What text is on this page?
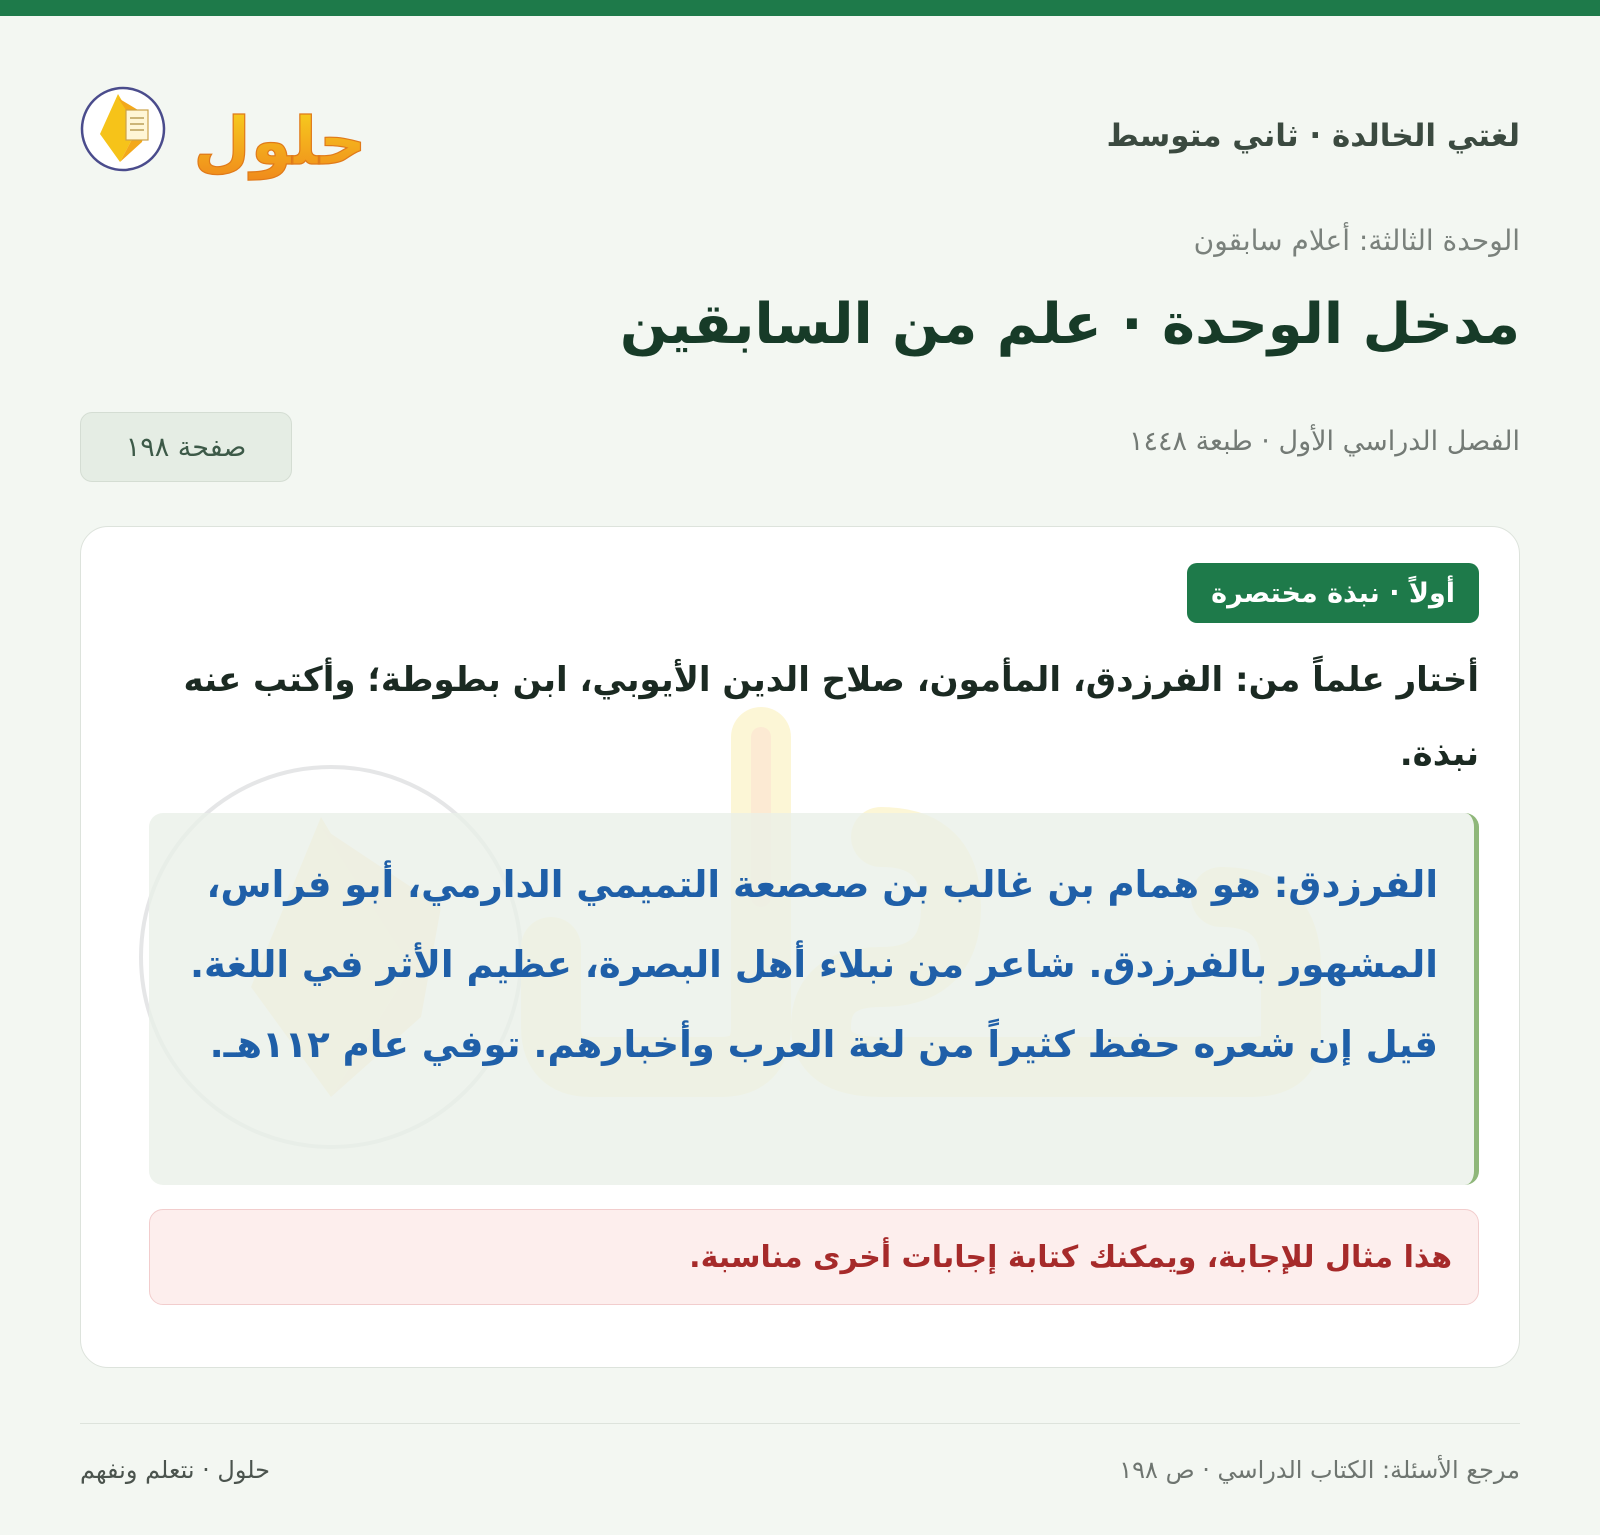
لغتي الخالدة · ثاني متوسط
حلول
الوحدة الثالثة: أعلام سابقون
مدخل الوحدة · علم من السابقين
الفصل الدراسي الأول · طبعة ١٤٤٨
صفحة ١٩٨
أولاً · نبذة مختصرة
أختار علماً من: الفرزدق، المأمون، صلاح الدين الأيوبي، ابن بطوطة؛ وأكتب عنه نبذة.
الفرزدق: هو همام بن غالب بن صعصعة التميمي الدارمي، أبو فراس، المشهور بالفرزدق. شاعر من نبلاء أهل البصرة، عظيم الأثر في اللغة. قيل إن شعره حفظ كثيراً من لغة العرب وأخبارهم. توفي عام ١١٢هـ.
هذا مثال للإجابة، ويمكنك كتابة إجابات أخرى مناسبة.
مرجع الأسئلة: الكتاب الدراسي · ص ١٩٨
حلول · نتعلم ونفهم
